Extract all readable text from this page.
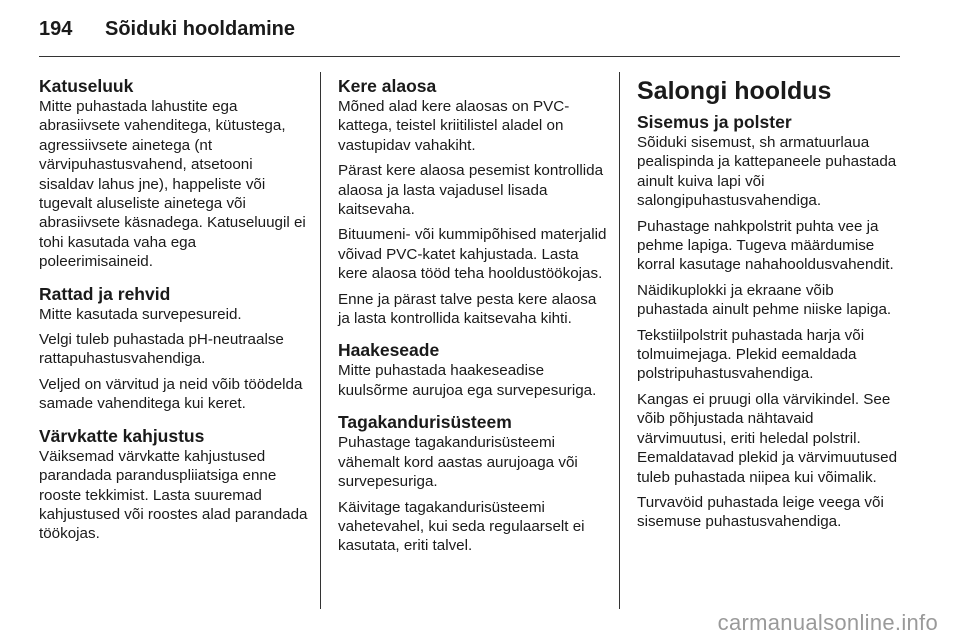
194	Sõiduki hooldamine
Katuseluuk

Mitte puhastada lahustite ega abrasiivsete vahenditega, kütustega, agressiivsete ainetega (nt värvipuhastusvahend, atsetooni sisaldav lahus jne), happeliste või tugevalt aluseliste ainetega või abrasiivsete käsnadega. Katuseluugil ei tohi kasutada vaha ega poleerimisaineid.

Rattad ja rehvid

Mitte kasutada survepesureid.

Velgi tuleb puhastada pH-neutraalse rattapuhastusvahendiga.

Veljed on värvitud ja neid võib töödelda samade vahenditega kui keret.

Värvkatte kahjustus

Väiksemad värvkatte kahjustused parandada paranduspliiatsiga enne rooste tekkimist. Lasta suuremad kahjustused või roostes alad parandada töökojas.

Kere alaosa

Mõned alad kere alaosas on PVC-kattega, teistel kriitilistel aladel on vastupidav vahakiht.

Pärast kere alaosa pesemist kontrollida alaosa ja lasta vajadusel lisada kaitsevaha.

Bituumeni- või kummipõhised materjalid võivad PVC-katet kahjustada. Lasta kere alaosa tööd teha hooldustöökojas.

Enne ja pärast talve pesta kere alaosa ja lasta kontrollida kaitsevaha kihti.

Haakeseade

Mitte puhastada haakeseadise kuulsõrme aurujoa ega survepesuriga.

Tagakandurisüsteem

Puhastage tagakandurisüsteemi vähemalt kord aastas aurujoaga või survepesuriga.

Käivitage tagakandurisüsteemi vahetevahel, kui seda regulaarselt ei kasutata, eriti talvel.

Salongi hooldus
Sisemus ja polster

Sõiduki sisemust, sh armatuurlaua pealispinda ja kattepaneele puhastada ainult kuiva lapi või salongipuhastusvahendiga.

Puhastage nahkpolstrit puhta vee ja pehme lapiga. Tugeva määrdumise korral kasutage nahahooldusvahendit.

Näidikuplokki ja ekraane võib puhastada ainult pehme niiske lapiga.

Tekstiilpolstrit puhastada harja või tolmuimejaga. Plekid eemaldada polstripuhastusvahendiga.

Kangas ei pruugi olla värvikindel. See võib põhjustada nähtavaid värvimuutusi, eriti heledal polstril. Eemaldatavad plekid ja värvimuutused tuleb puhastada niipea kui võimalik.

Turvavöid puhastada leige veega või sisemuse puhastusvahendiga.

carmanualsonline.info
